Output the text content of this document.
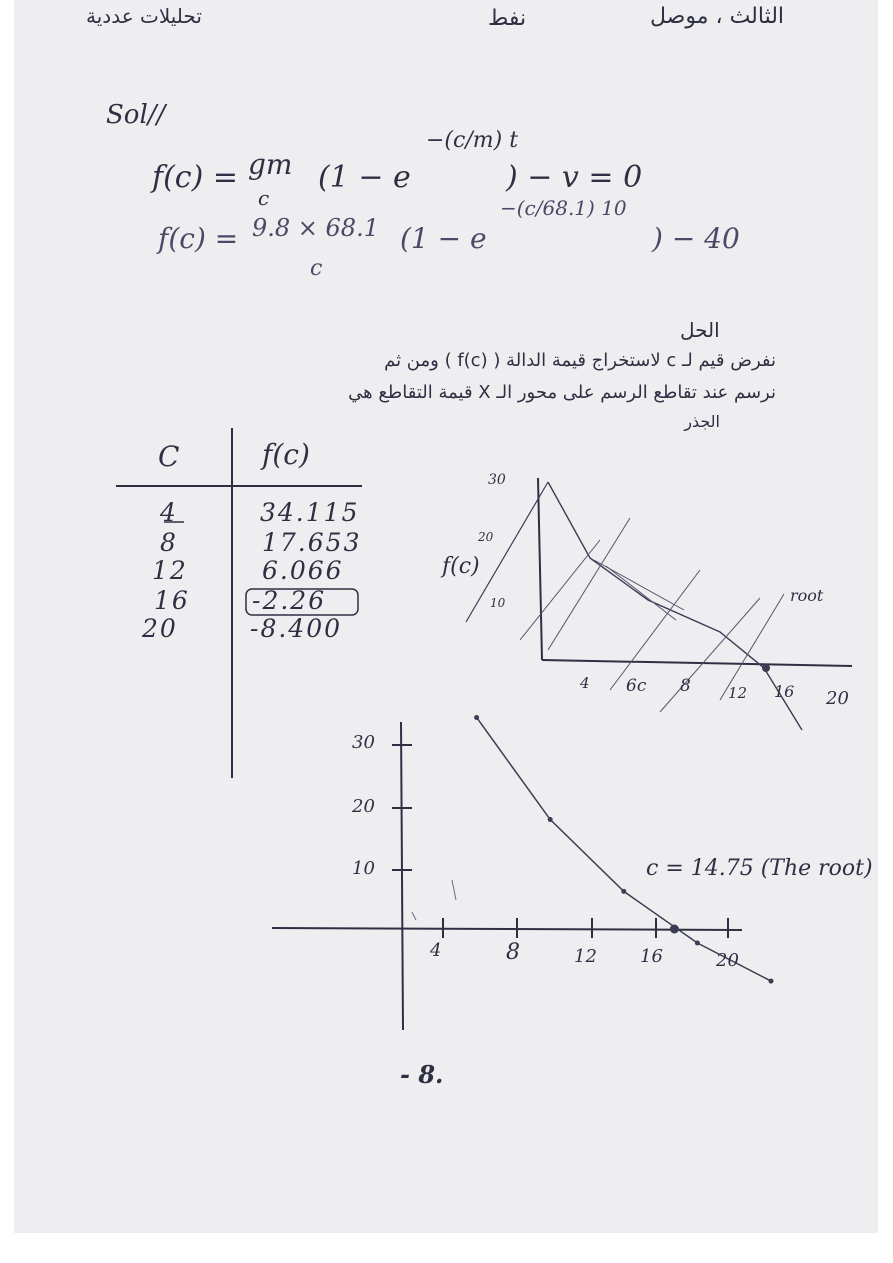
الثالث ، موصل
نفط
تحليلات عددية
Sol//
f(c) = gm
c
(1 − e
−(c/m) t
) − v = 0
f(c) = 9.8 × 68.1
c
(1 − e
−(c/68.1) 10
) − 40
الحل
نفرض قيم لـ c لاستخراج قيمة الدالة ( f(c) ) ومن ثم
نرسم عند تقاطع الرسم على محور الـ X قيمة التقاطع هي
الجذر
C	f(c)
4	34.115
8	17.653
12	6.066
16 -2.26
20	-8.400
30
20
10
f(c)
4 6c 8 12 16 20
root
30
20
10
4	8	12 16	20
c = 14.75 (The root)
- 8.
